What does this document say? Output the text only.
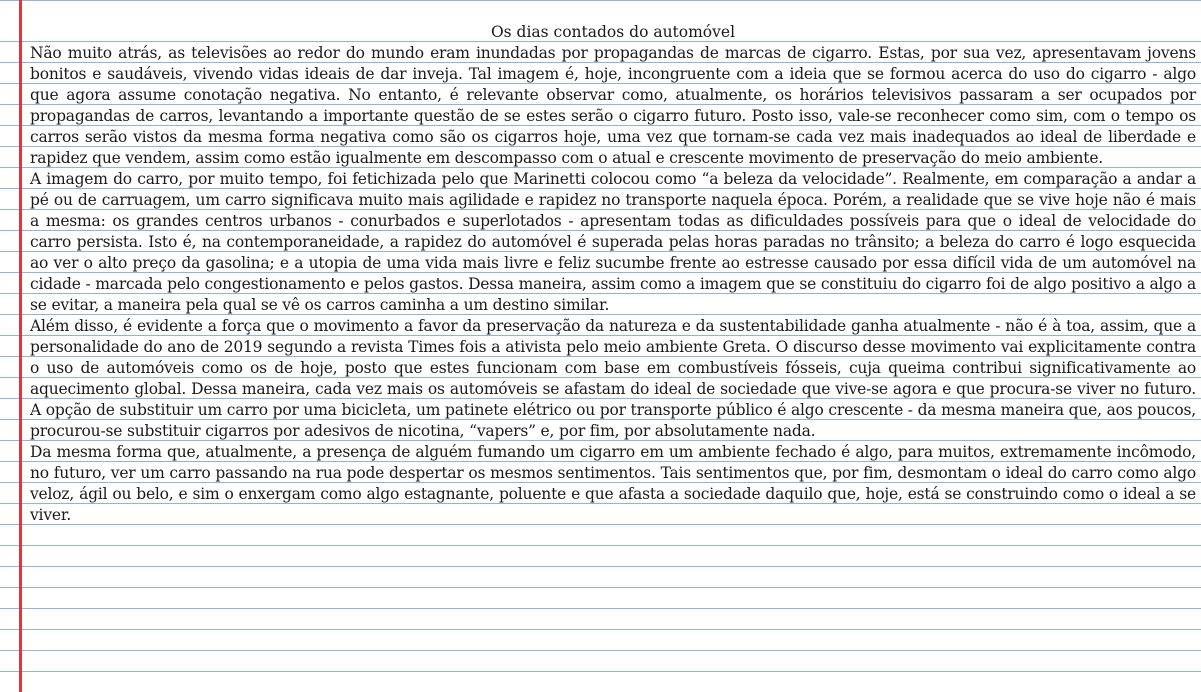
Os dias contados do automóvel

Não muito atrás, as televisões ao redor do mundo eram inundadas por propagandas de marcas de cigarro. Estas, por sua vez, apresentavam jovens bonitos e saudáveis, vivendo vidas ideais de dar inveja. Tal imagem é, hoje, incongruente com a ideia que se formou acerca do uso do cigarro - algo que agora assume conotação negativa. No entanto, é relevante observar como, atualmente, os horários televisivos passaram a ser ocupados por propagandas de carros, levantando a importante questão de se estes serão o cigarro futuro. Posto isso, vale-se reconhecer como sim, com o tempo os carros serão vistos da mesma forma negativa como são os cigarros hoje, uma vez que tornam-se cada vez mais inadequados ao ideal de liberdade e rapidez que vendem, assim como estão igualmente em descompasso com o atual e crescente movimento de preservação do meio ambiente.

A imagem do carro, por muito tempo, foi fetichizada pelo que Marinetti colocou como “a beleza da velocidade”. Realmente, em comparação a andar a pé ou de carruagem, um carro significava muito mais agilidade e rapidez no transporte naquela época. Porém, a realidade que se vive hoje não é mais a mesma: os grandes centros urbanos - conurbados e superlotados - apresentam todas as dificuldades possíveis para que o ideal de velocidade do carro persista. Isto é, na contemporaneidade, a rapidez do automóvel é superada pelas horas paradas no trânsito; a beleza do carro é logo esquecida ao ver o alto preço da gasolina; e a utopia de uma vida mais livre e feliz sucumbe frente ao estresse causado por essa difícil vida de um automóvel na cidade - marcada pelo congestionamento e pelos gastos. Dessa maneira, assim como a imagem que se constituiu do cigarro foi de algo positivo a algo a se evitar, a maneira pela qual se vê os carros caminha a um destino similar.

Além disso, é evidente a força que o movimento a favor da preservação da natureza e da sustentabilidade ganha atualmente - não é à toa, assim, que a personalidade do ano de 2019 segundo a revista Times fois a ativista pelo meio ambiente Greta. O discurso desse movimento vai explicitamente contra o uso de automóveis como os de hoje, posto que estes funcionam com base em combustíveis fósseis, cuja queima contribui significativamente ao aquecimento global. Dessa maneira, cada vez mais os automóveis se afastam do ideal de sociedade que vive-se agora e que procura-se viver no futuro. A opção de substituir um carro por uma bicicleta, um patinete elétrico ou por transporte público é algo crescente - da mesma maneira que, aos poucos, procurou-se substituir cigarros por adesivos de nicotina, “vapers” e, por fim, por absolutamente nada.

Da mesma forma que, atualmente, a presença de alguém fumando um cigarro em um ambiente fechado é algo, para muitos, extremamente incômodo, no futuro, ver um carro passando na rua pode despertar os mesmos sentimentos. Tais sentimentos que, por fim, desmontam o ideal do carro como algo veloz, ágil ou belo, e sim o enxergam como algo estagnante, poluente e que afasta a sociedade daquilo que, hoje, está se construindo como o ideal a se viver.
